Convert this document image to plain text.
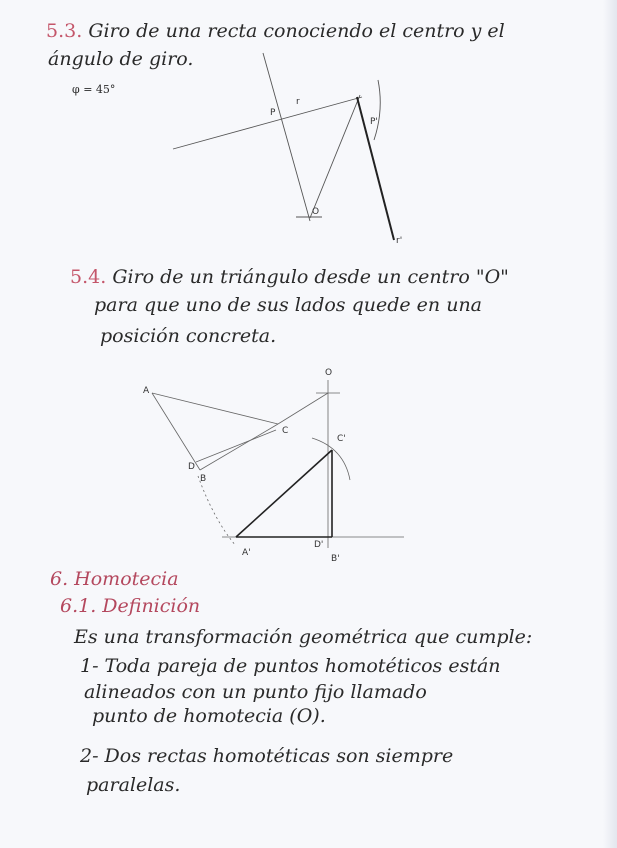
5.3. Giro de una recta conociendo el centro y el
ángulo de giro.
φ = 45°
P
r
P'
O
r'
5.4. Giro de un triángulo desde un centro "O"
para que uno de sus lados quede en una
posición concreta.
A
C
D
B
O
C'
A'
D'
B'
6. Homotecia
6.1. Definición
Es una transformación geométrica que cumple:
1- Toda pareja de puntos homotéticos están
alineados con un punto fijo llamado
punto de homotecia (O).
2- Dos rectas homotéticas son siempre
paralelas.
